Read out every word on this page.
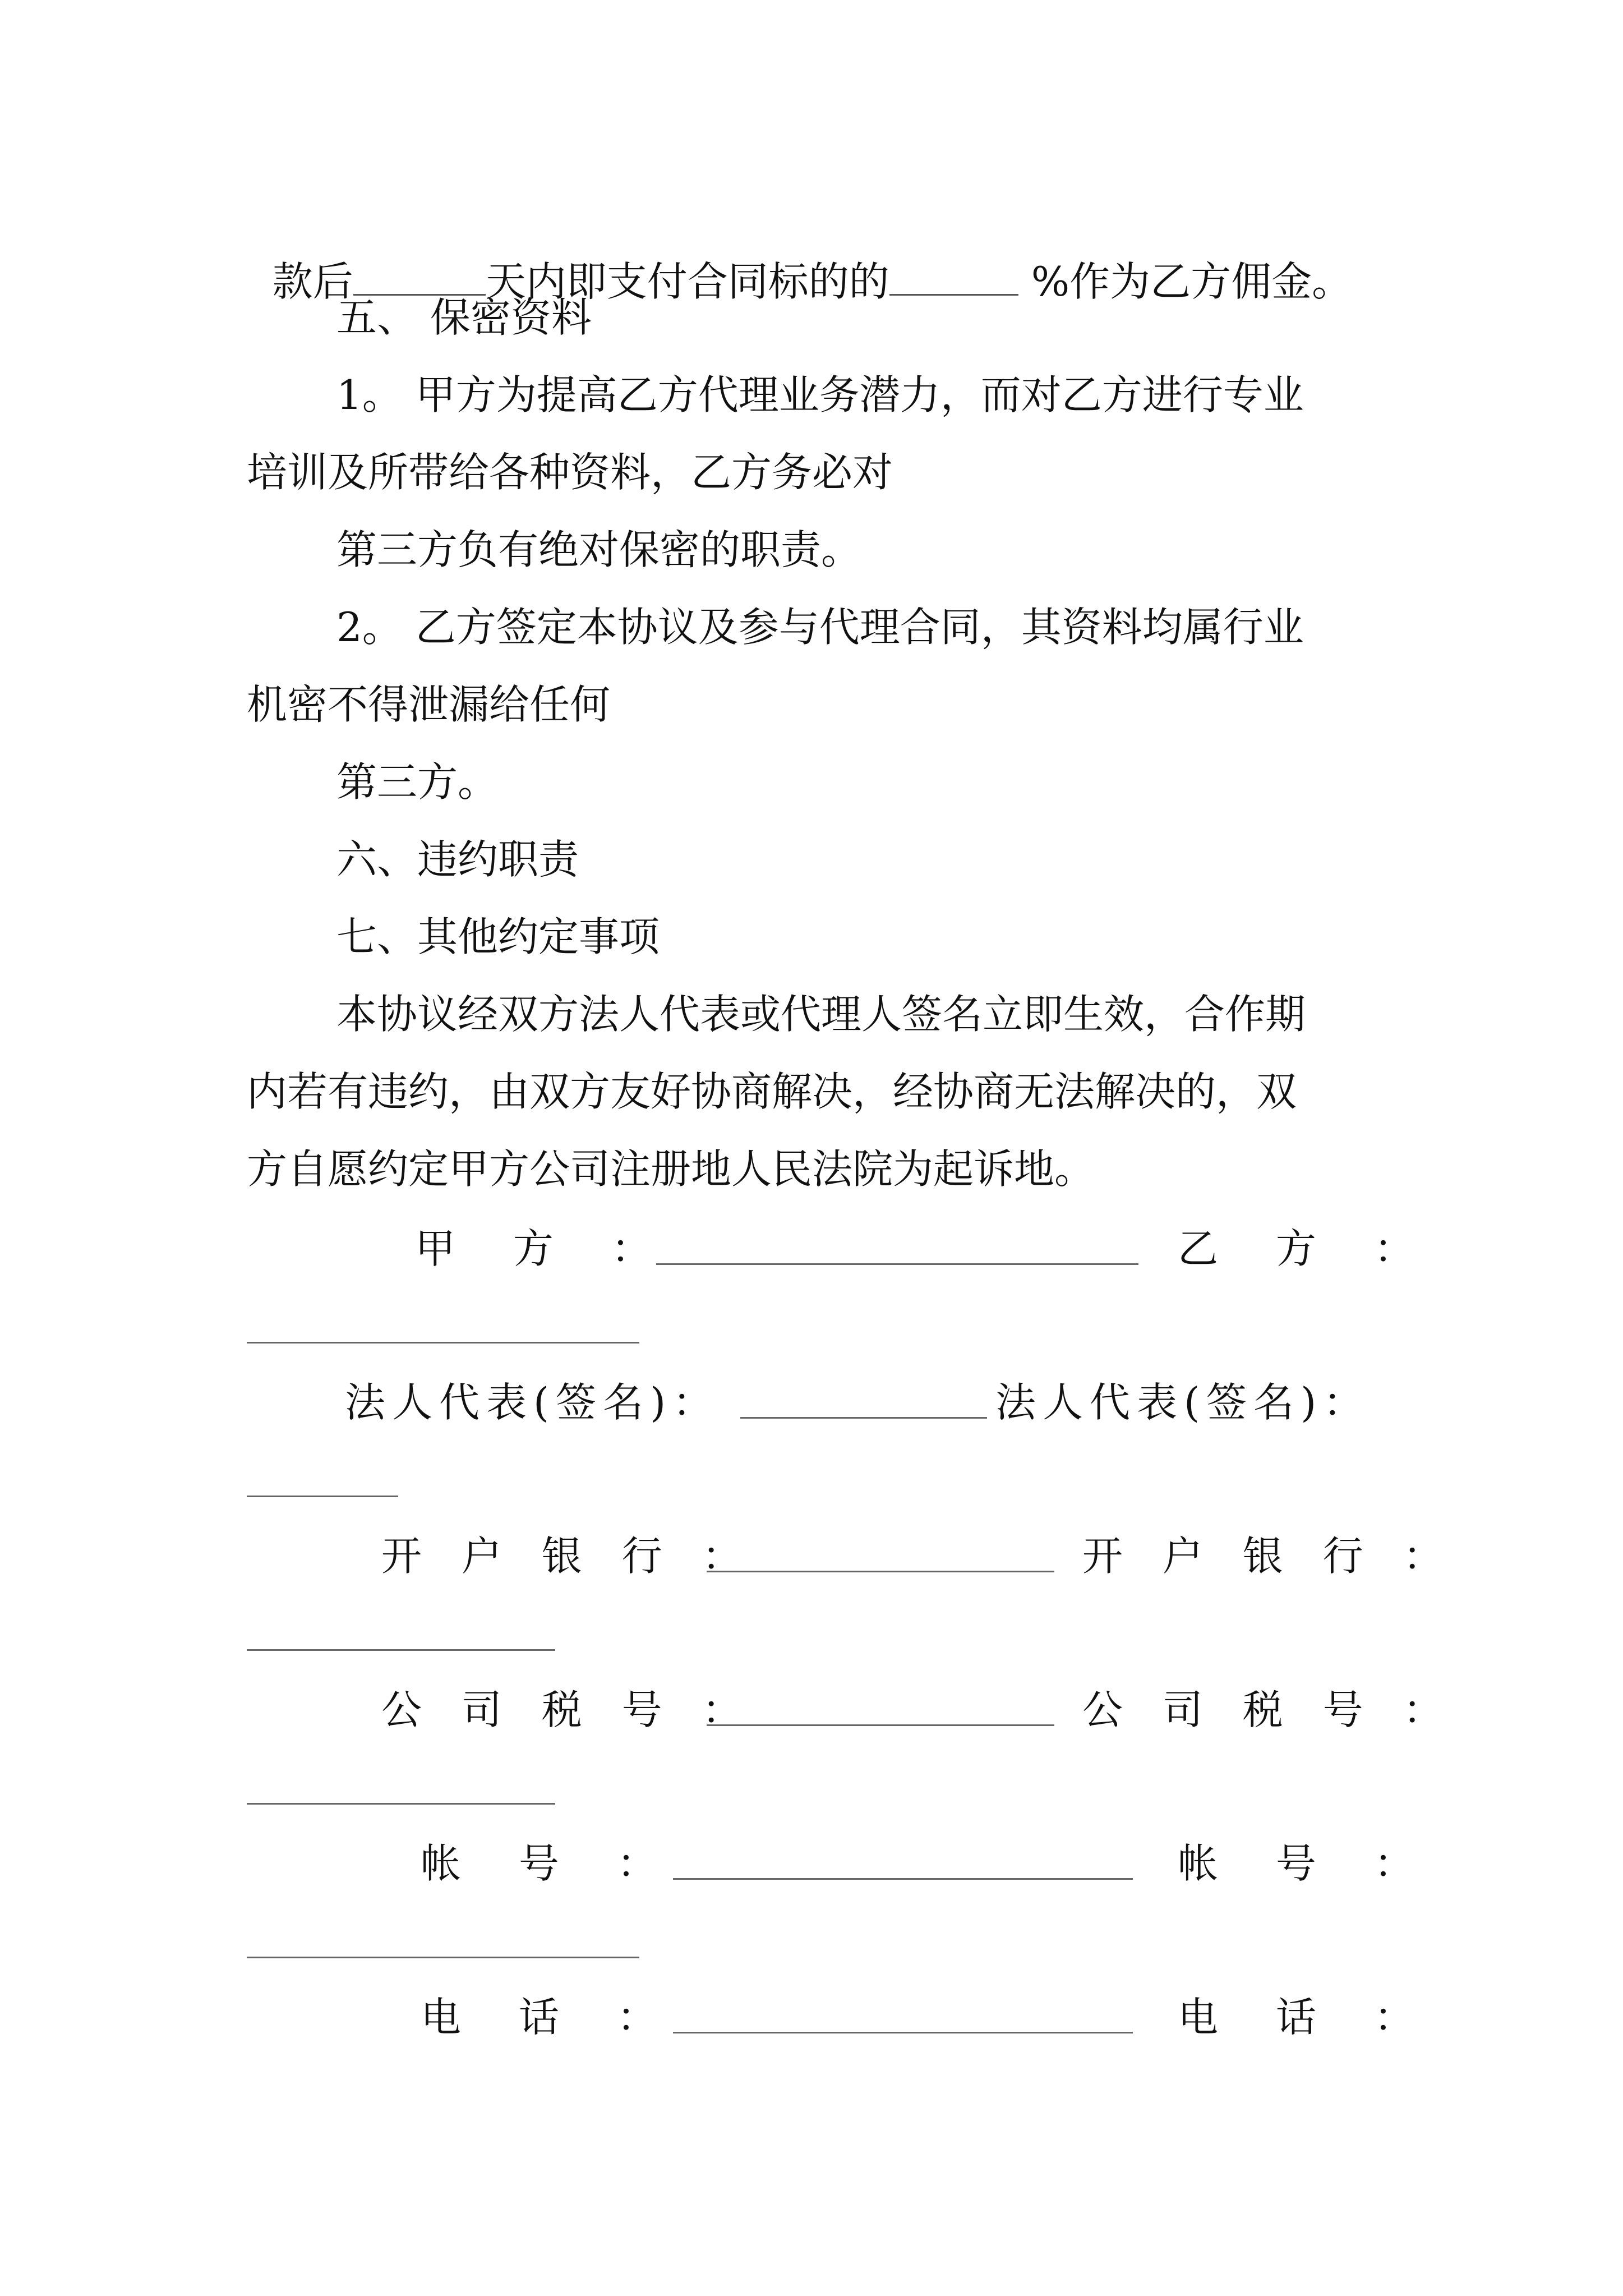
款后	天内即支付合同标的的	%作为乙方佣金。

五、 保密资料
1。 甲方为提高乙方代理业务潜力，而对乙方进行专业
培训及所带给各种资料，乙方务必对
第三方负有绝对保密的职责。
2。 乙方签定本协议及参与代理合同，其资料均属行业
机密不得泄漏给任何
第三方。
六、违约职责
七、其他约定事项
本协议经双方法人代表或代理人签名立即生效，合作期
内若有违约，由双方友好协商解决，经协商无法解决的，双
方自愿约定甲方公司注册地人民法院为起诉地。
甲 方 ：	乙 方 ：
法人代表(签名)：	法人代表(签名)：
开 户 银 行 ：	开 户 银 行 ：
公 司 税 号 ：	公 司 税 号 ：
帐 号 ：	帐 号 ：
电 话 ：	电 话 ：
